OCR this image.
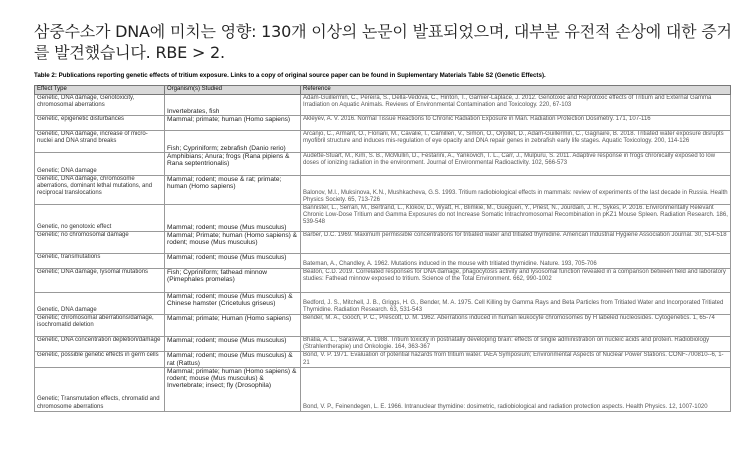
삼중수소가 DNA에 미치는 영향: 130개 이상의 논문이 발표되었으며, 대부분 유전적 손상에 대한 증거를 발견했습니다. RBE > 2.
Table 2: Publications reporting genetic effects of tritium exposure. Links to a copy of original source paper can be found in Suplementary Materials Table S2 (Genetic Effects).
Effect Type	Organism(s) Studied	Reference
Genetic, DNA damage, Genotoxicity, chromosomal aberrations	Invertebrates, fish	Adam-Guillermin, C., Pereira, S., Della-Vedova, C., Hinton, T., Garnier-Laplace, J. 2012. Genotoxic and Reprotoxic effects of Tritium and External Gamma Irradiation on Aquatic Animals. Reviews of Environmental Contamination and Toxicology. 220, 67-103
Genetic, epigenetic disturbances	Mammal; primate; human (Homo sapiens)	Akleyev, A. V. 2016. Normal Tissue Reactions to Chronic Radiation Exposure in Man. Radiation Protection Dosimetry. 171, 107-116
Genetic, DNA damage, increase of micro-nuclei and DNA strand breaks	Fish; Cypriniform; zebrafish (Danio rerio)	Arcanjo, C., Armant, O., Floriani, M., Cavalie, I., Camilleri, V., Simon, O., Orjollet, D., Adam-Guillermin, C., Gagnaire, B. 2018. Tritiated water exposure disrupts myofibril structure and induces mis-regulation of eye opacity and DNA repair genes in zebrafish early life stages. Aquatic Toxicology. 200, 114-126
Genetic; DNA damage	Amphibians; Anura; frogs (Rana pipiens & Rana septentrionalis)	Audette-Stuart, M., Kim, S. B., McMullin, D., Festarini, A., Yankovich, T. L., Carr, J., Mulpuru, S. 2011. Adaptive response in frogs chronically exposed to low doses of ionizing radiation in the environment. Journal of Environmental Radioactivity. 102, 566-573
Genetic, DNA damage, chromosome aberrations, dominant lethal mutations, and reciprocal translocations	Mammal; rodent; mouse & rat; primate; human (Homo sapiens)	Balonov, M.I., Muksinova, K.N., Mushkacheva, G.S. 1993. Tritium radiobiological effects in mammals: review of experiments of the last decade in Russia. Health Physics Society. 65, 713-726
Genetic, no genotoxic effect	Mammal; rodent; mouse (Mus musculus)	Bannister, L., Serran, M., Bertrand, L., Klokov, D., Wyatt, H., Blimkie, M., Gueguen, Y., Priest, N., Jourdain, J. R., Sykes, P. 2016. Environmentally Relevant Chronic Low-Dose Tritium and Gamma Exposures do not Increase Somatic Intrachromosomal Recombination in pKZ1 Mouse Spleen. Radiation Research. 186, 539-548
Genetic; no chromosomal damage	Mammal; Primate; human (Homo sapiens) & rodent; mouse (Mus musculus)	Barber, D.C. 1969. Maximum permissible concentrations for tritiated water and tritiated thymidine. American Industrial Hygiene Association Journal. 30, 514-518
Genetic, transmutations	Mammal; rodent; mouse (Mus musculus)	Bateman, A., Chandley, A. 1962. Mutations induced in the mouse with tritiated thymidine. Nature. 193, 705-706
Genetic; DNA damage, lysomal mutations	Fish; Cypriniform; fathead minnow (Pimephales promelas)	Beaton, C.D. 2019. Correlated responses for DNA damage, phagocytosis activity and lysosomal function revealed in a comparison between field and laboratory studies: Fathead minnow exposed to tritium. Science of the Total Environment. 662, 990-1002
Genetic, DNA damage	Mammal; rodent; mouse (Mus musculus) & Chinese hamster (Cricetulus griseus)	Bedford, J. S., Mitchell, J. B., Griggs, H. G., Bender, M. A. 1975. Cell Killing by Gamma Rays and Beta Particles from Tritiated Water and Incorporated Tritiated Thymidine. Radiation Research. 63, 531-543
Genetic; chromosomal aberrations/damage, isochromatid deletion	Mammal; primate; Human (Homo sapiens)	Bender, M. A., Gooch, P. C., Prescott, D. M. 1962. Aberrations induced in human leukocyte chromosomes by H labeled nucleosides. Cytogenetics. 1, 65-74
Genetic, DNA concentration depletion/damage	Mammal; rodent; mouse (Mus musculus)	Bhatia, A. L., Saraswat, A. 1988. Tritium toxicity in postnatally developing brain: effects of single administration on nucleic acids and protein. Radiobiology (Strahlentherapie) und Onkologie. 164, 363-367
Genetic, possible genetic effects in germ cells	Mammal; rodent; mouse (Mus musculus) & rat (Rattus)	Bond, V. P. 1971. Evaluation of potential hazards from tritium water. IAEA Symposium; Environmental Aspects of Nuclear Power Stations. CONF-700810--6, 1-21
Genetic; Transmutation effects, chromatid and chromosome aberrations	Mammal; primate; human (Homo sapiens) & rodent; mouse (Mus musculus) & Invertebrate; insect; fly (Drosophila)	Bond, V. P., Feinendegen, L. E. 1966. Intranuclear thymidine: dosimetric, radiobiological and radiation protection aspects. Health Physics. 12, 1007-1020
